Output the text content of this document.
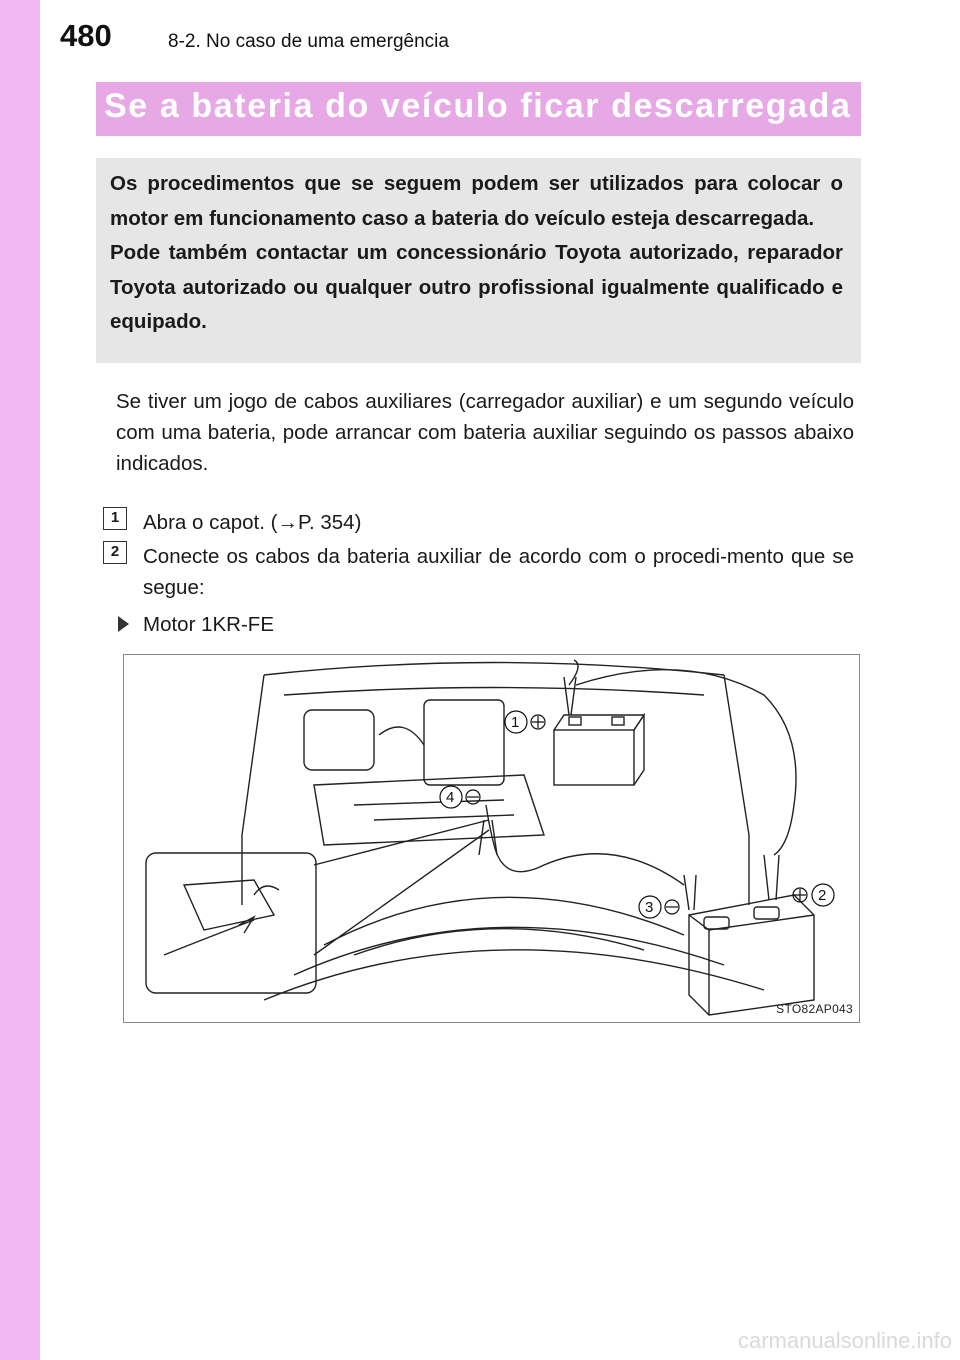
480	8-2. No caso de uma emergência
Se a bateria do veículo ficar descarregada

Os procedimentos que se seguem podem ser utilizados para colocar o motor em funcionamento caso a bateria do veículo esteja descarregada.

Pode também contactar um concessionário Toyota autorizado, reparador Toyota autorizado ou qualquer outro profissional igualmente qualificado e equipado.

Se tiver um jogo de cabos auxiliares (carregador auxiliar) e um segundo veículo com uma bateria, pode arrancar com bateria auxiliar seguindo os passos abaixo indicados.

1	Abra o capot. (→P. 354)

2	Conecte os cabos da bateria auxiliar de acordo com o procedi-mento que se segue:

Motor 1KR-FE
1
2
3
4
STO82AP043
carmanualsonline.info
